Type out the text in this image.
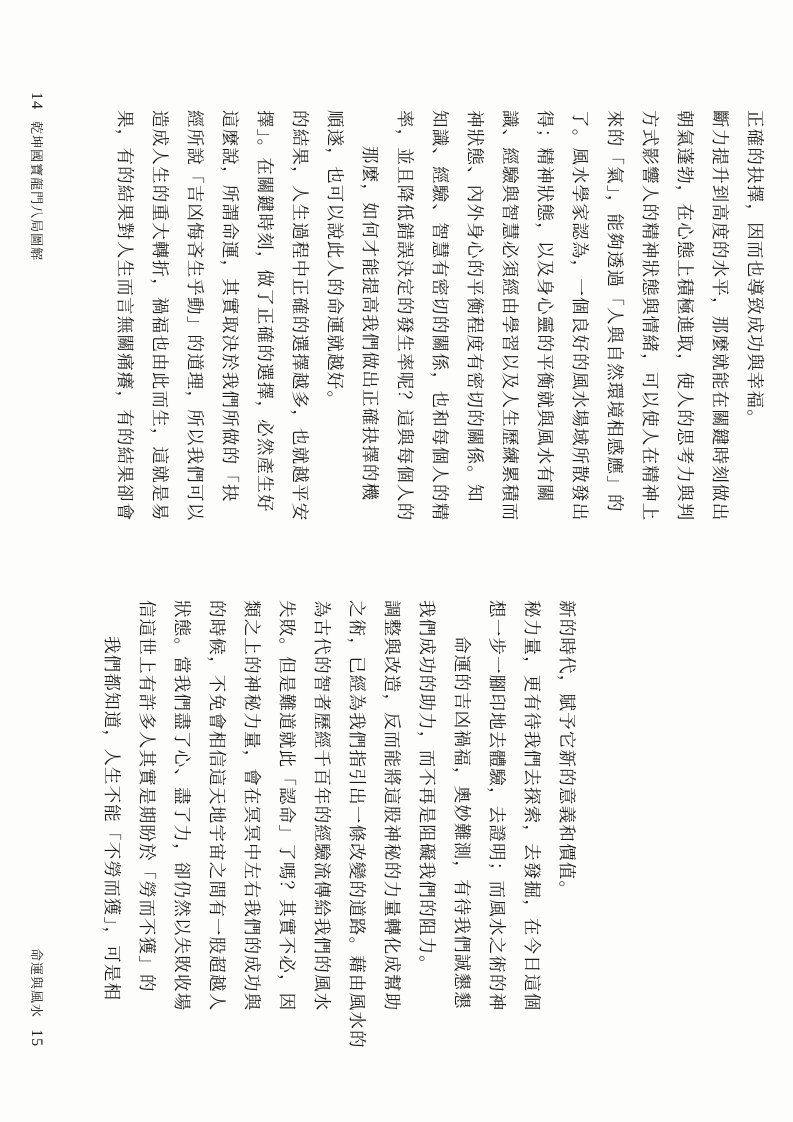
14 乾坤國寶龍門八局圖解	果，有的結果對人生而言無關痛癢，有的結果卻會 造成人生的重大轉折，禍福也由此而生，這就是易 經所說「吉凶悔吝生乎動」的道理，所以我們可以 這麼說，所謂命運，其實取決於我們所做的「抉 擇」。在關鍵時刻，做了正確的選擇，必然產生好 的結果，人生過程中正確的選擇越多，也就越平安 順遂，也可以說此人的命運就越好。 那麼，如何才能提高我們做出正確抉擇的機 率，並且降低錯誤決定的發生率呢？這與每個人的 知識、經驗、智慧有密切的關係，也和每個人的精 神狀態、內外身心的平衡程度有密切的關係。知 識、經驗與智慧必須經由學習以及人生歷練累積而 得；精神狀態，以及身心靈的平衡就與風水有關 了。風水學家認為，一個良好的風水場域所散發出 來的「氣」，能夠透過「人與自然環境相感應」的 方式影響人的精神狀態與情緒，可以使人在精神上 朝氣蓬勃，在心態上積極進取，使人的思考力與判 斷力提升到高度的水平，那麼就能在關鍵時刻做出 正確的抉擇，因而也導致成功與幸福。
命運與風水 15
我們都知道，人生不能「不勞而獲」，可是相 信這世上有許多人其實是期盼於「勞而不獲」的 狀態。當我們盡了心、盡了力，卻仍然以失敗收場 的時候，不免會相信這天地宇宙之間有一股超越人 類之上的神秘力量，會在冥冥中左右我們的成功與 失敗。但是難道就此「認命」了嗎？其實不必，因 為古代的智者歷經千百年的經驗流傳給我們的風水 之術，已經為我們指引出一條改變的道路。藉由風水的 調整與改造，反而能將這股神秘的力量轉化成幫助 我們成功的助力，而不再是阻礙我們的阻力。 命運的吉凶禍福，奧妙難測，有待我們誠懇懇 想一步一腳印地去體驗，去證明；而風水之術的神 秘力量，更有待我們去探索，去發掘，在今日這個 新的時代，賦予它新的意義和價值。
